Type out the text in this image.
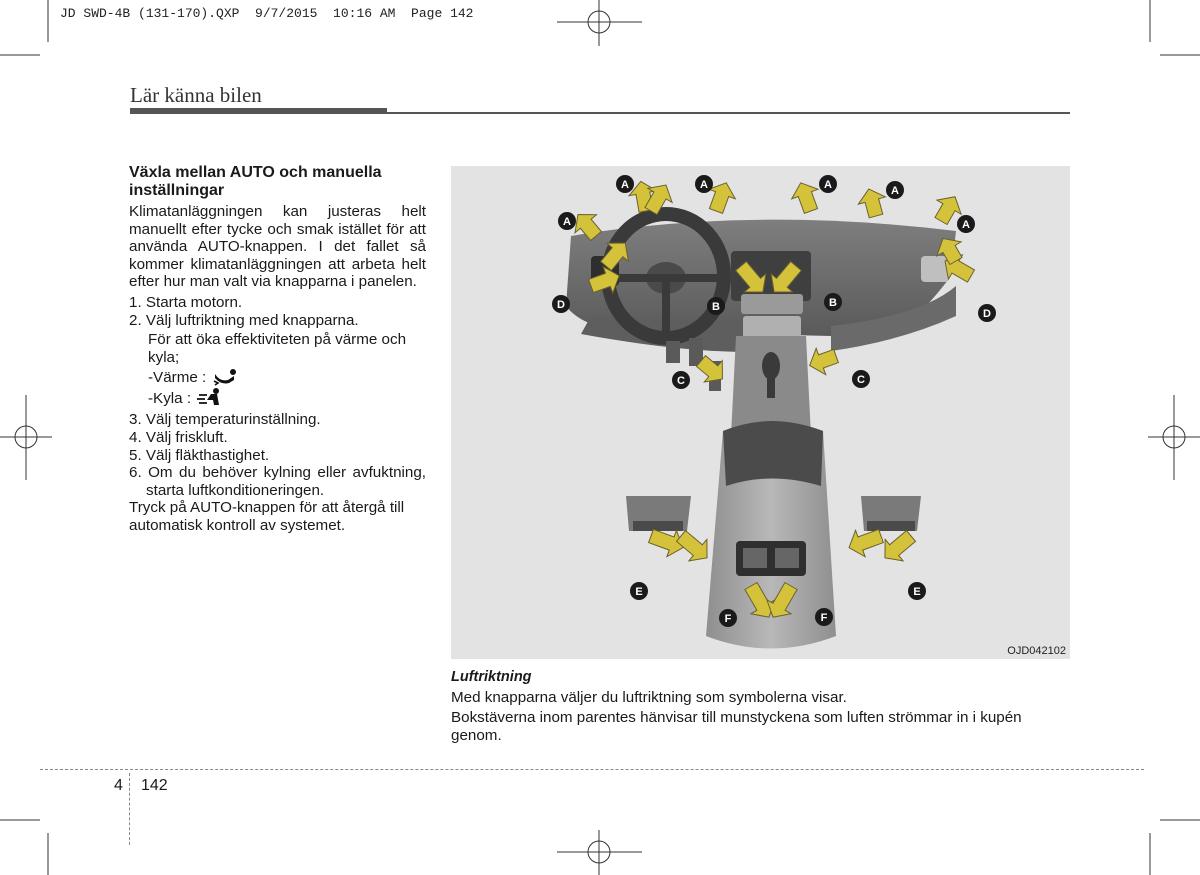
JD SWD-4B (131-170).QXP  9/7/2015  10:16 AM  Page 142
Lär känna bilen

Växla mellan AUTO och manuella inställningar

Klimatanläggningen kan justeras helt manuellt efter tycke och smak istället för att använda AUTO-knappen. I det fallet så kommer klimatanläggningen att arbeta helt efter hur man valt via knapparna i panelen.

1. Starta motorn.

2. Välj luftriktning med knapparna.

För att öka effektiviteten på värme och kyla;

-Värme :
-Kyla :

3. Välj temperaturinställning.

4. Välj friskluft.

5. Välj fläkthastighet.

6. Om du behöver kylning eller avfuktning, starta luftkonditioneringen.

Tryck på AUTO-knappen för att återgå till automatisk kontroll av systemet.

A	A	A	A
A	A
B	B
C	C
D
D
E	E
F	F
OJD042102

Luftriktning

Med knapparna väljer du luftriktning som symbolerna visar.

Bokstäverna inom parentes hänvisar till munstyckena som luften strömmar in i kupén genom.

4 142
